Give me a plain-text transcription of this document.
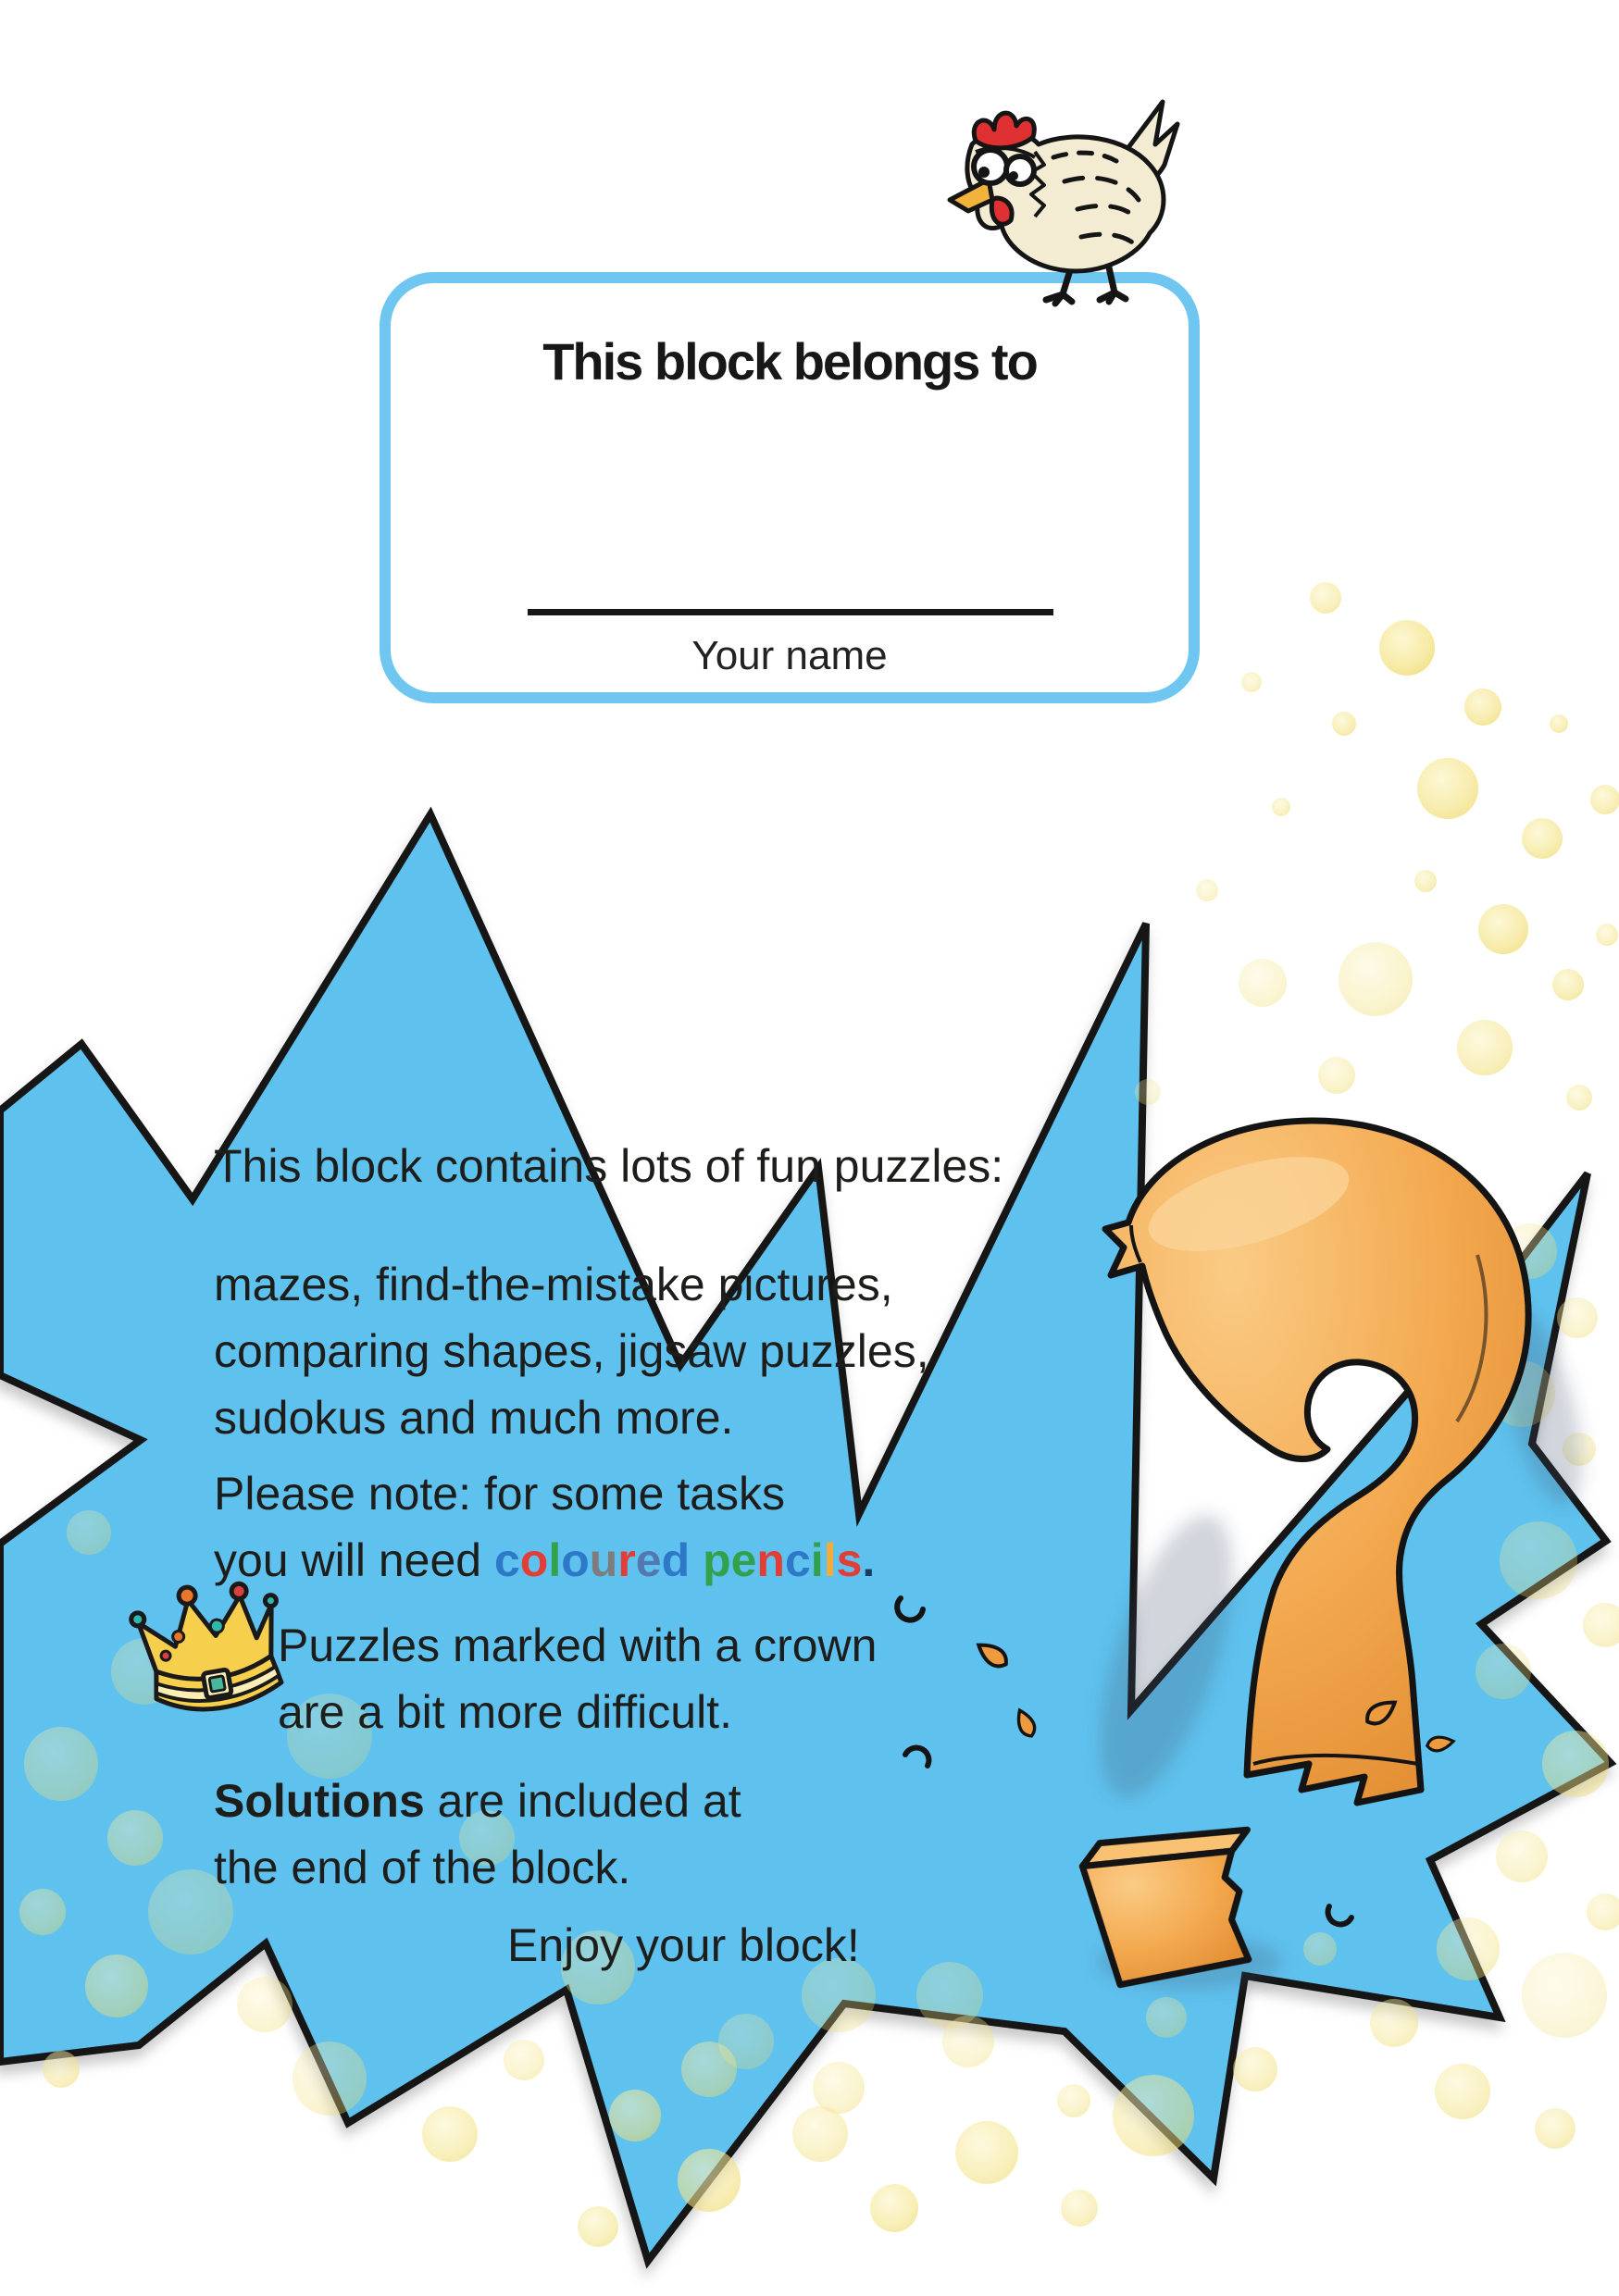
This block belongs to
Your name
This block contains lots of fun puzzles:
mazes, find-the-mistake pictures,
comparing shapes, jigsaw puzzles,
sudokus and much more.
Please note: for some tasks
you will need coloured pencils.
Puzzles marked with a crown
are a bit more difficult.
Solutions are included at
the end of the block.
Enjoy your block!
